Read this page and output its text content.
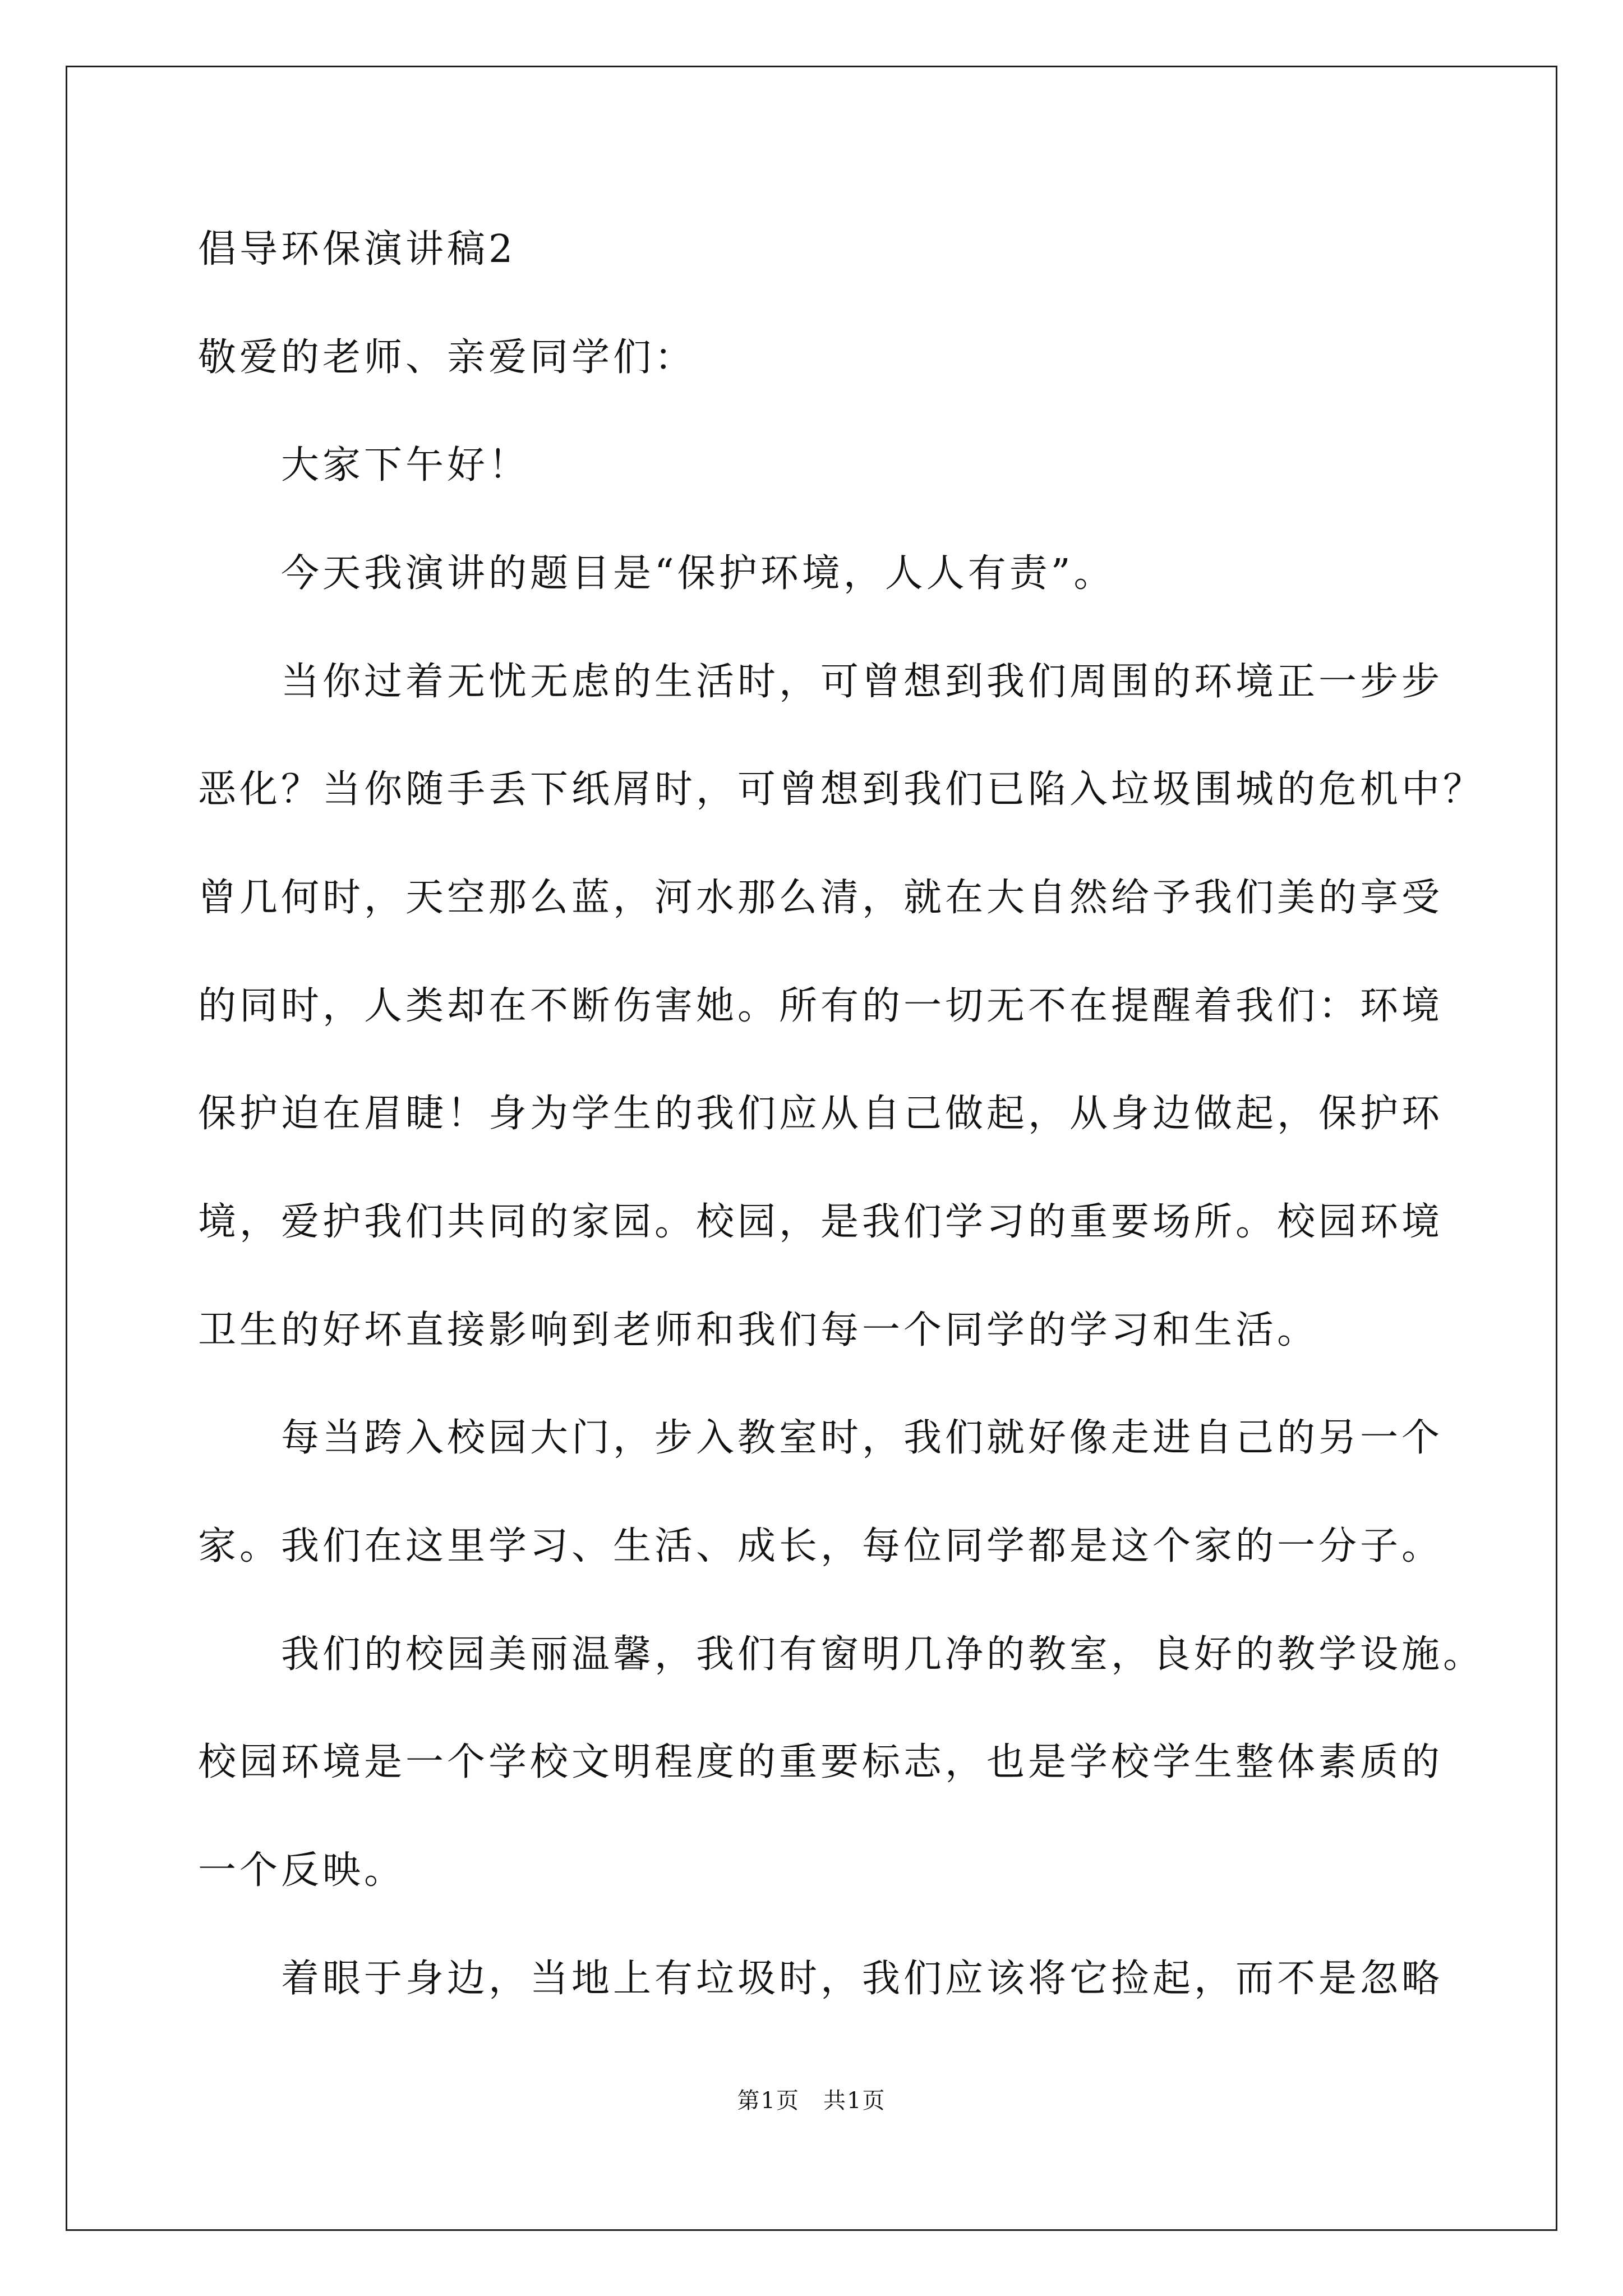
倡导环保演讲稿2
敬爱的老师、亲爱同学们：
　　大家下午好！
　　今天我演讲的题目是“保护环境，人人有责”。
　　当你过着无忧无虑的生活时，可曾想到我们周围的环境正一步步
恶化？当你随手丢下纸屑时，可曾想到我们已陷入垃圾围城的危机中？
曾几何时，天空那么蓝，河水那么清，就在大自然给予我们美的享受
的同时，人类却在不断伤害她。所有的一切无不在提醒着我们：环境
保护迫在眉睫！身为学生的我们应从自己做起，从身边做起，保护环
境，爱护我们共同的家园。校园，是我们学习的重要场所。校园环境
卫生的好坏直接影响到老师和我们每一个同学的学习和生活。
　　每当跨入校园大门，步入教室时，我们就好像走进自己的另一个
家。我们在这里学习、生活、成长，每位同学都是这个家的一分子。
　　我们的校园美丽温馨，我们有窗明几净的教室，良好的教学设施。
校园环境是一个学校文明程度的重要标志，也是学校学生整体素质的
一个反映。
　　着眼于身边，当地上有垃圾时，我们应该将它捡起，而不是忽略
第1页　共1页
